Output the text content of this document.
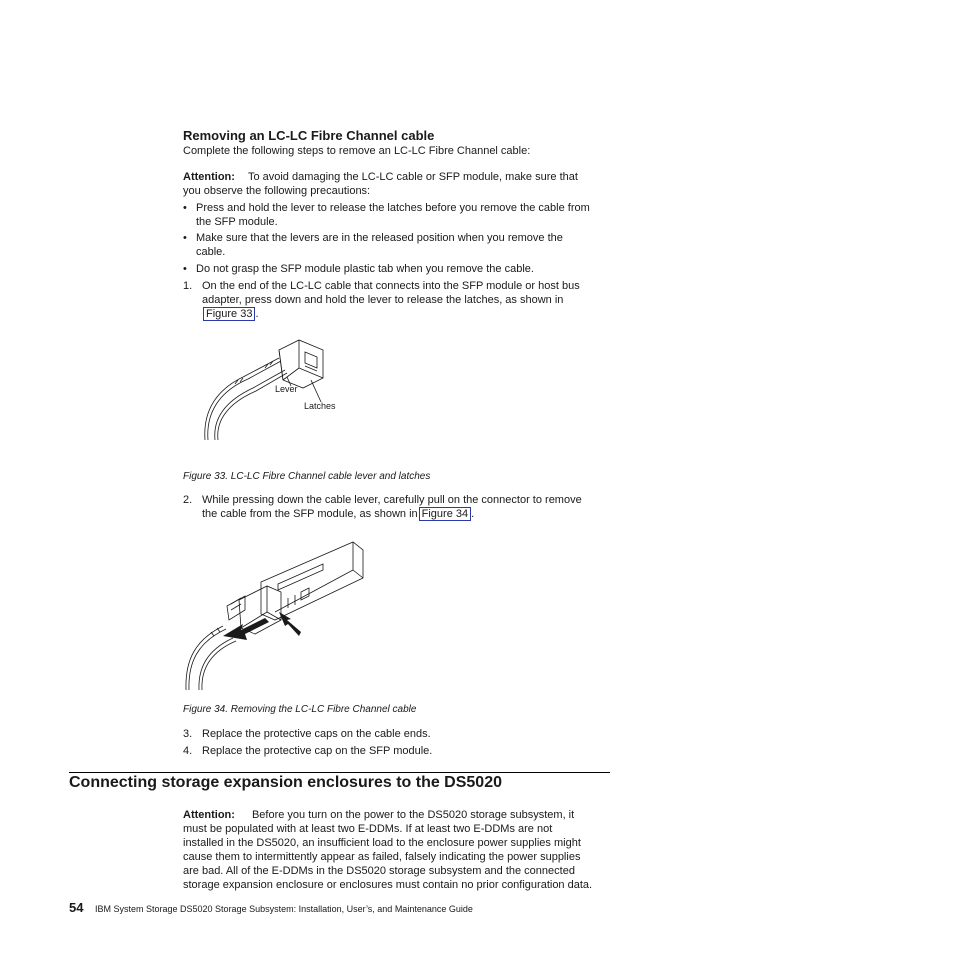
Removing an LC-LC Fibre Channel cable
Complete the following steps to remove an LC-LC Fibre Channel cable:
Attention: To avoid damaging the LC-LC cable or SFP module, make sure that
you observe the following precautions:
• Press and hold the lever to release the latches before you remove the cable from
the SFP module.
• Make sure that the levers are in the released position when you remove the
cable.
• Do not grasp the SFP module plastic tab when you remove the cable.
1. On the end of the LC-LC cable that connects into the SFP module or host bus
adapter, press down and hold the lever to release the latches, as shown in
Figure 33 .
Lever
Latches
Figure 33. LC-LC Fibre Channel cable lever and latches
2. While pressing down the cable lever, carefully pull on the connector to remove
the cable from the SFP module, as shown in Figure 34 .
Figure 34. Removing the LC-LC Fibre Channel cable
3. Replace the protective caps on the cable ends.
4. Replace the protective cap on the SFP module.
Connecting storage expansion enclosures to the DS5020
Attention: Before you turn on the power to the DS5020 storage subsystem, it
must be populated with at least two E-DDMs. If at least two E-DDMs are not
installed in the DS5020, an insufficient load to the enclosure power supplies might
cause them to intermittently appear as failed, falsely indicating the power supplies
are bad. All of the E-DDMs in the DS5020 storage subsystem and the connected
storage expansion enclosure or enclosures must contain no prior configuration data.
54 IBM System Storage DS5020 Storage Subsystem: Installation, User’s, and Maintenance Guide
